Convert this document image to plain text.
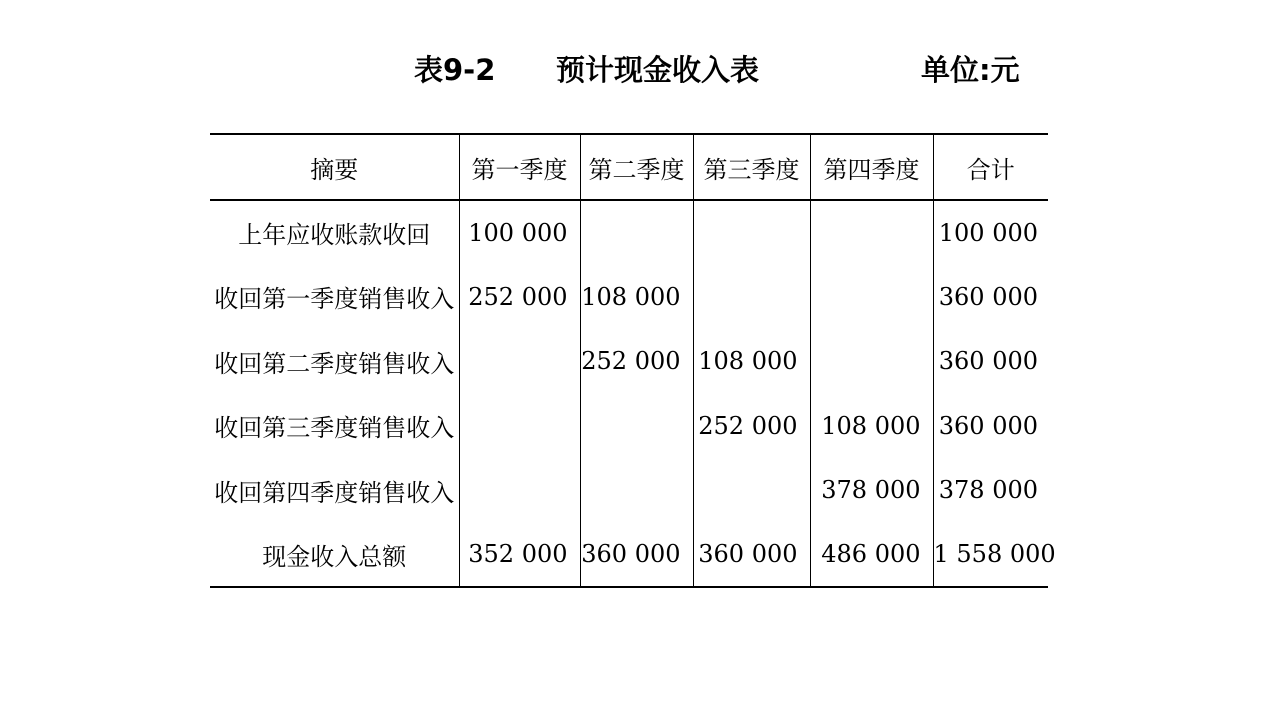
表9-2 预计现金收入表	单位:元
摘要	第一季度	第二季度	第三季度	第四季度	合计
上年应收账款收回	100 000				100 000
收回第一季度销售收入	252 000	108 000			360 000
收回第二季度销售收入		252 000	108 000		360 000
收回第三季度销售收入			252 000	108 000	360 000
收回第四季度销售收入				378 000	378 000
现金收入总额	352 000	360 000	360 000	486 000	1 558 000
